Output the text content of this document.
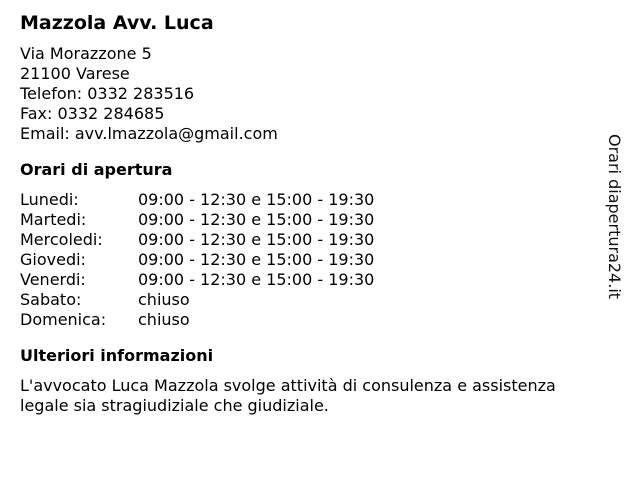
Mazzola Avv. Luca
Via Morazzone 5
21100 Varese
Telefon: 0332 283516
Fax: 0332 284685
Email: avv.lmazzola@gmail.com
Orari di apertura
Lunedi:	09:00 - 12:30 e 15:00 - 19:30
Martedi:	09:00 - 12:30 e 15:00 - 19:30
Mercoledi:	09:00 - 12:30 e 15:00 - 19:30
Giovedi:	09:00 - 12:30 e 15:00 - 19:30
Venerdi:	09:00 - 12:30 e 15:00 - 19:30
Sabato:	chiuso
Domenica:	chiuso
Ulteriori informazioni
L'avvocato Luca Mazzola svolge attività di consulenza e assistenza legale sia stragiudiziale che giudiziale.
Orari diapertura24.it
